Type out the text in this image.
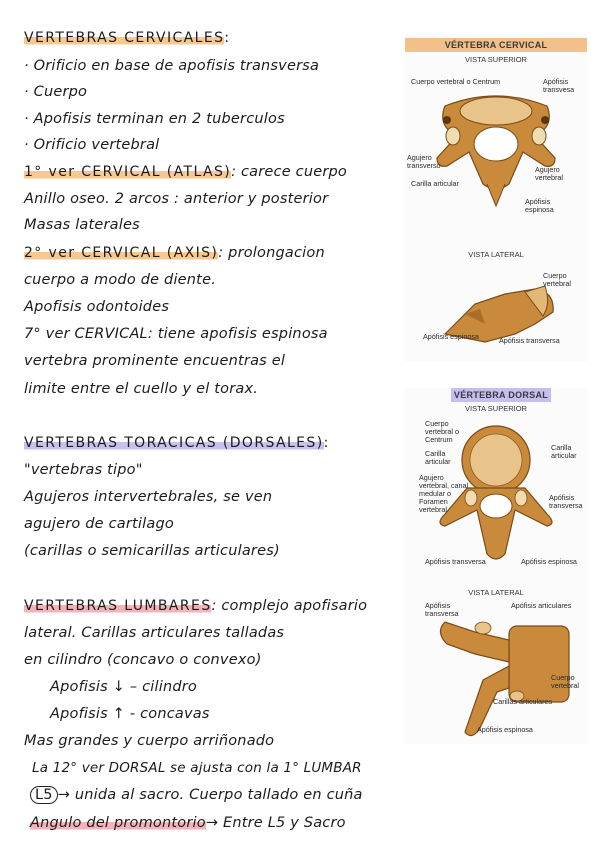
VERTEBRAS CERVICALES:
· Orificio en base de apofisis transversa
· Cuerpo
· Apofisis terminan en 2 tuberculos
· Orificio vertebral
1° ver CERVICAL (ATLAS): carece cuerpo
Anillo oseo. 2 arcos : anterior y posterior
Masas laterales
2° ver CERVICAL (AXIS): prolongacion
cuerpo a modo de diente.
Apofisis odontoides
7° ver CERVICAL: tiene apofisis espinosa
vertebra prominente encuentras el
limite entre el cuello y el torax.
VERTEBRAS TORACICAS (DORSALES):
"vertebras tipo"
Agujeros intervertebrales, se ven
agujero de cartilago
(carillas o semicarillas articulares)
VERTEBRAS LUMBARES: complejo apofisario
lateral. Carillas articulares talladas
en cilindro (concavo o convexo)
Apofisis ↓ – cilindro
Apofisis ↑ - concavas
Mas grandes y cuerpo arriñonado
La 12° ver DORSAL se ajusta con la 1° LUMBAR
L5 → unida al sacro. Cuerpo tallado en cuña
Angulo del promontorio→ Entre L5 y Sacro
VÉRTEBRA CERVICAL
VISTA SUPERIOR
Cuerpo vertebral o Centrum	Apófisis transvesa
Agujero transverso
Carilla articular
Agujero vertebral
Apófisis espinosa
VISTA LATERAL
Cuerpo vertebral
Apófisis espinosa	Apófisis transversa
VÉRTEBRA DORSAL
VISTA SUPERIOR
Cuerpo vertebral o Centrum
Carilla articular
Agujero vertebral, canal medular o Foramen vertebral
Carilla articular
Apófisis transversa
Apófisis transversa	Apófisis espinosa
VISTA LATERAL
Apófisis transversa
Apófisis articulares
Cuerpo vertebral
Carillas articulares
Apófisis espinosa
